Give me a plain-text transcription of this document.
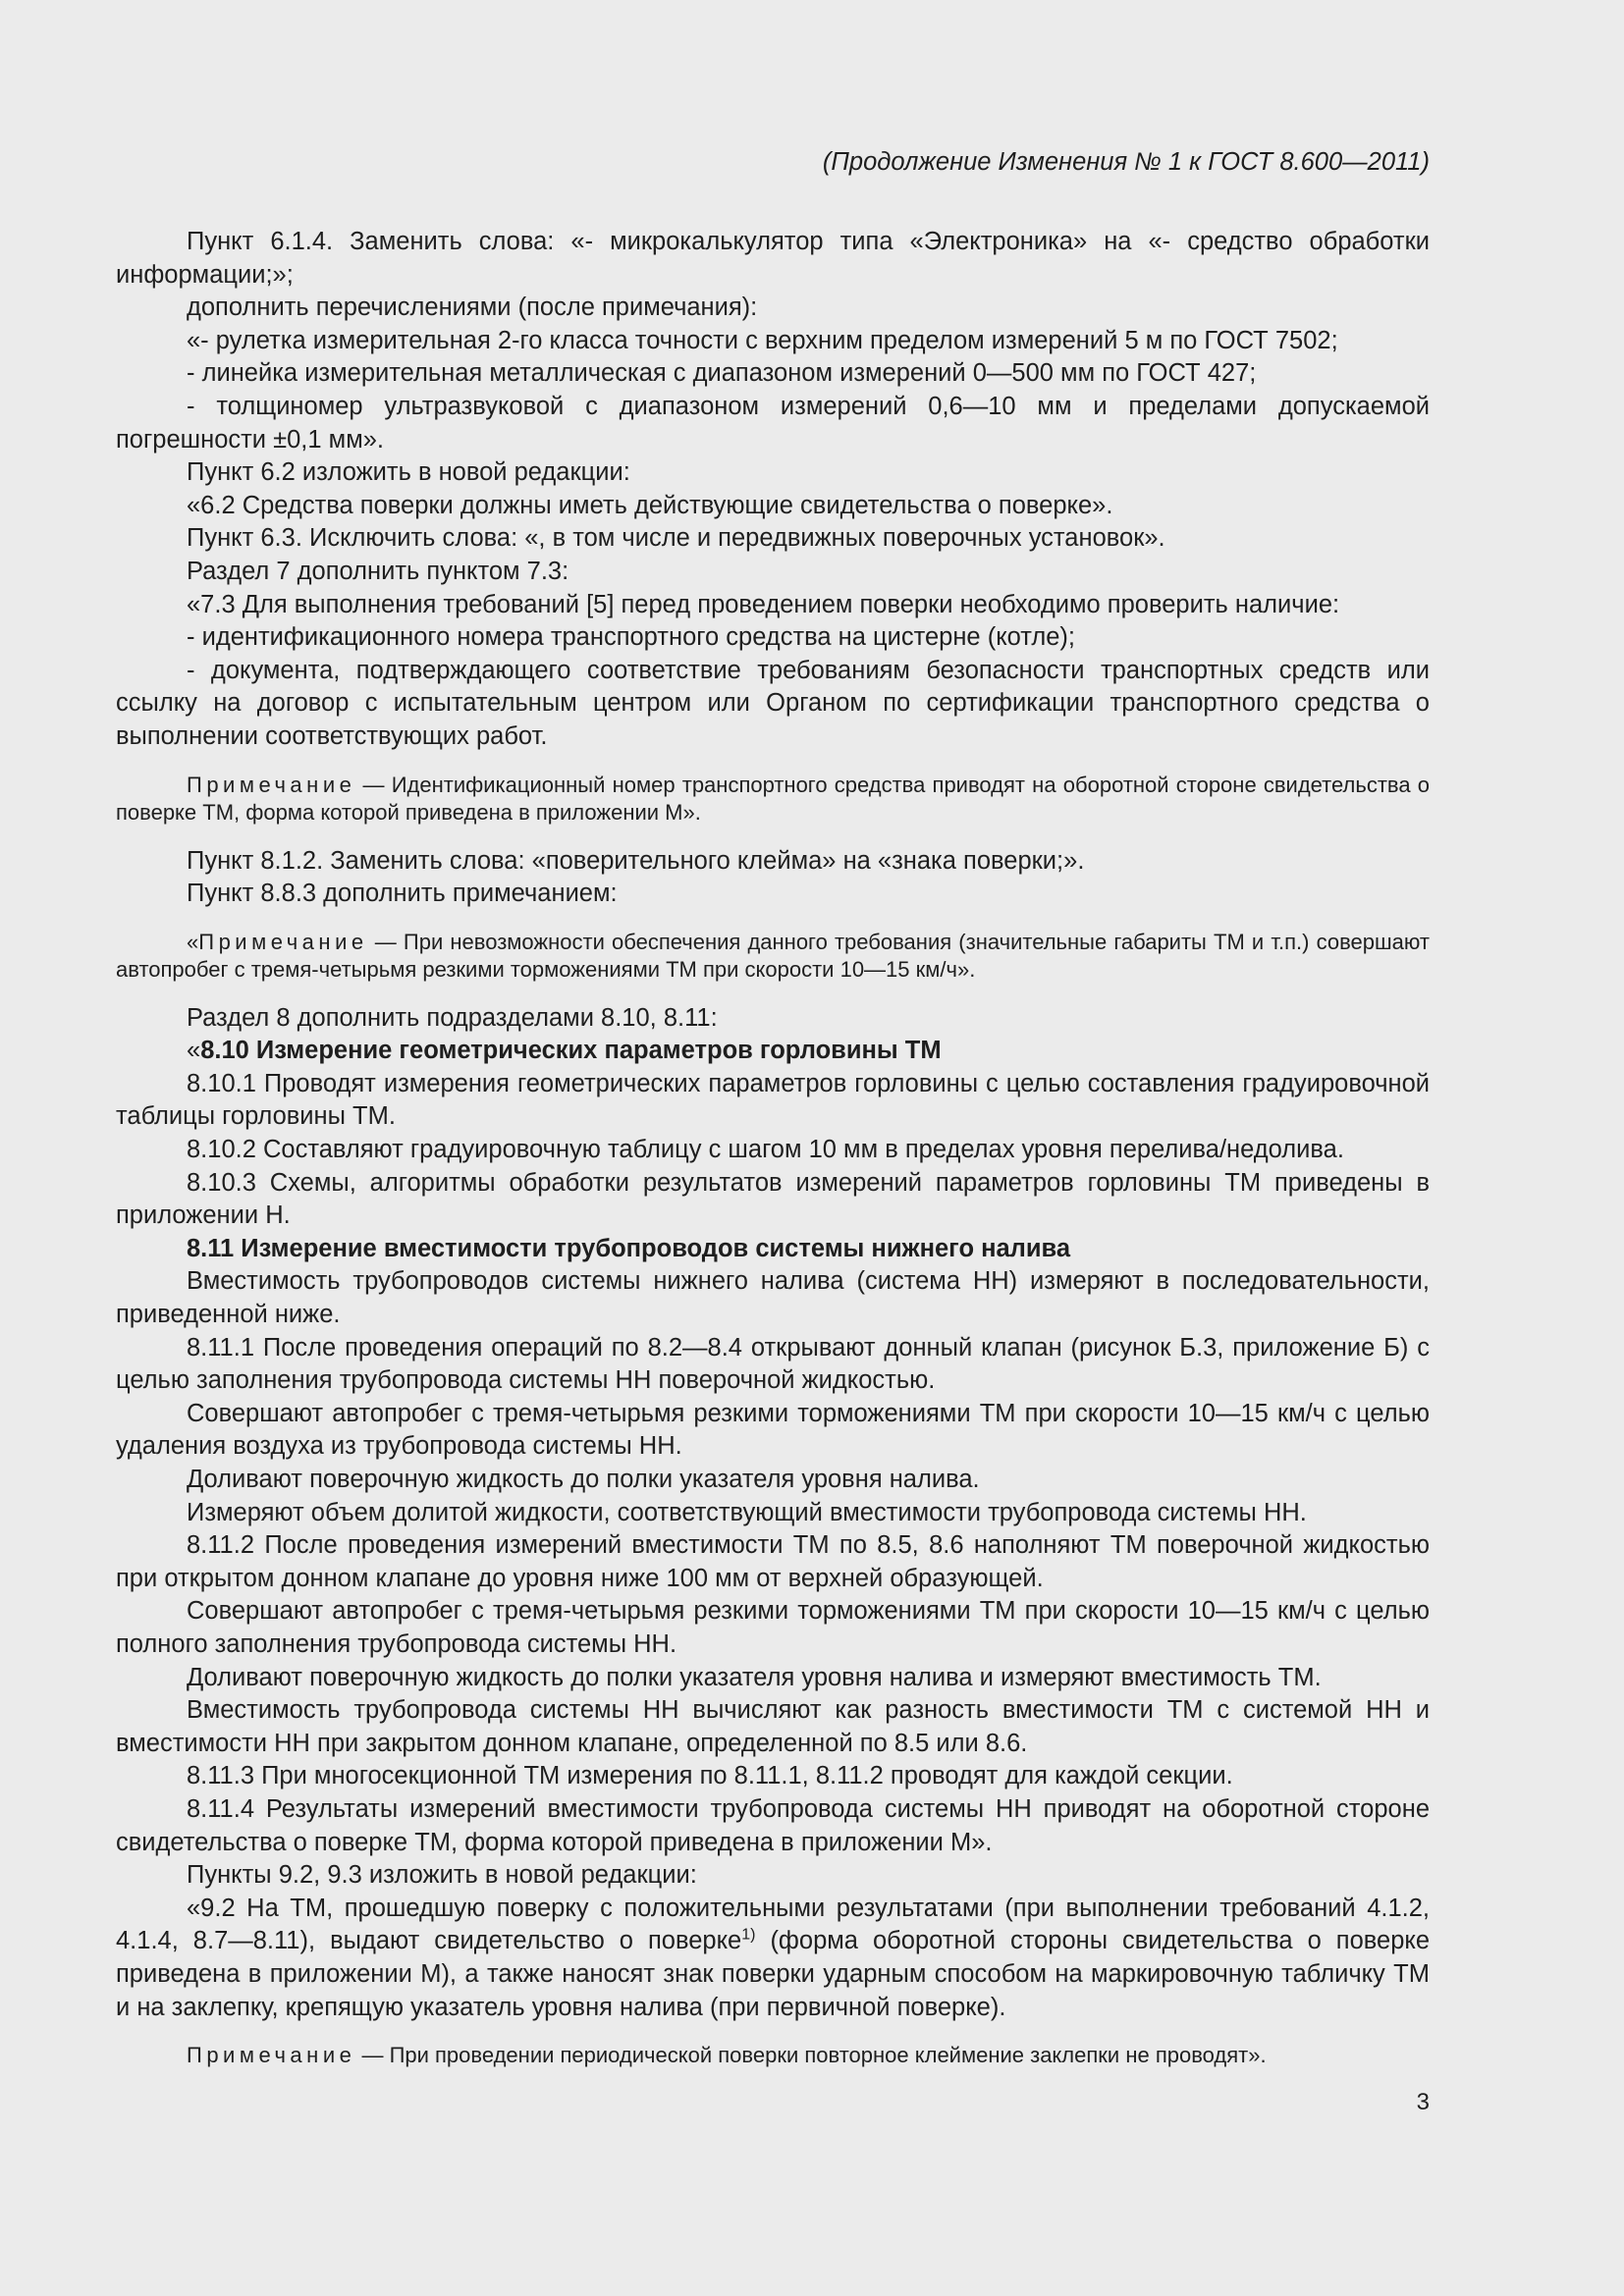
(Продолжение Изменения № 1 к ГОСТ 8.600—2011)

Пункт 6.1.4. Заменить слова: «- микрокалькулятор типа «Электроника» на «- средство обработки информации;»;

дополнить перечислениями (после примечания):

«- рулетка измерительная 2-го класса точности с верхним пределом измерений 5 м по ГОСТ 7502;

- линейка измерительная металлическая с диапазоном измерений 0—500 мм по ГОСТ 427;

- толщиномер ультразвуковой с диапазоном измерений 0,6—10 мм и пределами допускаемой погрешности ±0,1 мм».

Пункт 6.2 изложить в новой редакции:

«6.2 Средства поверки должны иметь действующие свидетельства о поверке».

Пункт 6.3. Исключить слова: «, в том числе и передвижных поверочных установок».

Раздел 7 дополнить пунктом 7.3:

«7.3 Для выполнения требований [5] перед проведением поверки необходимо проверить наличие:

- идентификационного номера транспортного средства на цистерне (котле);

- документа, подтверждающего соответствие требованиям безопасности транспортных средств или ссылку на договор с испытательным центром или Органом по сертификации транспортного средства о выполнении соответствующих работ.

Примечание — Идентификационный номер транспортного средства приводят на оборотной стороне свидетельства о поверке ТМ, форма которой приведена в приложении М».

Пункт 8.1.2. Заменить слова: «поверительного клейма» на «знака поверки;».

Пункт 8.8.3 дополнить примечанием:

«Примечание — При невозможности обеспечения данного требования (значительные габариты ТМ и т.п.) совершают автопробег с тремя-четырьмя резкими торможениями ТМ при скорости 10—15 км/ч».

Раздел 8 дополнить подразделами 8.10, 8.11:

«8.10 Измерение геометрических параметров горловины ТМ

8.10.1 Проводят измерения геометрических параметров горловины с целью составления градуировочной таблицы горловины ТМ.

8.10.2 Составляют градуировочную таблицу с шагом 10 мм в пределах уровня перелива/недолива.

8.10.3 Схемы, алгоритмы обработки результатов измерений параметров горловины ТМ приведены в приложении Н.

8.11 Измерение вместимости трубопроводов системы нижнего налива

Вместимость трубопроводов системы нижнего налива (система НН) измеряют в последовательности, приведенной ниже.

8.11.1 После проведения операций по 8.2—8.4 открывают донный клапан (рисунок Б.3, приложение Б) с целью заполнения трубопровода системы НН поверочной жидкостью.

Совершают автопробег с тремя-четырьмя резкими торможениями ТМ при скорости 10—15 км/ч с целью удаления воздуха из трубопровода системы НН.

Доливают поверочную жидкость до полки указателя уровня налива.

Измеряют объем долитой жидкости, соответствующий вместимости трубопровода системы НН.

8.11.2 После проведения измерений вместимости ТМ по 8.5, 8.6 наполняют ТМ поверочной жидкостью при открытом донном клапане до уровня ниже 100 мм от верхней образующей.

Совершают автопробег с тремя-четырьмя резкими торможениями ТМ при скорости 10—15 км/ч с целью полного заполнения трубопровода системы НН.

Доливают поверочную жидкость до полки указателя уровня налива и измеряют вместимость ТМ.

Вместимость трубопровода системы НН вычисляют как разность вместимости ТМ с системой НН и вместимости НН при закрытом донном клапане, определенной по 8.5 или 8.6.

8.11.3 При многосекционной ТМ измерения по 8.11.1, 8.11.2 проводят для каждой секции.

8.11.4 Результаты измерений вместимости трубопровода системы НН приводят на оборотной стороне свидетельства о поверке ТМ, форма которой приведена в приложении М».

Пункты 9.2, 9.3 изложить в новой редакции:

«9.2 На ТМ, прошедшую поверку с положительными результатами (при выполнении требований 4.1.2, 4.1.4, 8.7—8.11), выдают свидетельство о поверке$^{1)}$ (форма оборотной стороны свидетельства о поверке приведена в приложении М), а также наносят знак поверки ударным способом на маркировочную табличку ТМ и на заклепку, крепящую указатель уровня налива (при первичной поверке).

Примечание — При проведении периодической поверки повторное клеймение заклепки не проводят».

3
